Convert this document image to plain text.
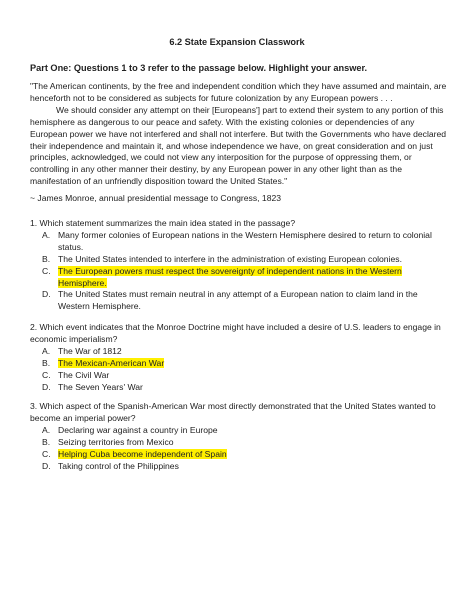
6.2 State Expansion Classwork
Part One: Questions 1 to 3 refer to the passage below. Highlight your answer.

"The American continents, by the free and independent condition which they have assumed and maintain, are henceforth not to be considered as subjects for future colonization by any European powers . . .

We should consider any attempt on their [Europeans'] part to extend their system to any portion of this hemisphere as dangerous to our peace and safety. With the existing colonies or dependencies of any European power we have not interfered and shall not interfere. But twith the Governments who have declared their independence and maintain it, and whose independence we have, on great consideration and on just principles, acknowledged, we could not view any interposition for the purpose of oppressing them, or controlling in any other manner their destiny, by any European power in any other light than as the manifestation of an unfriendly disposition toward the United States."

~ James Monroe, annual presidential message to Congress, 1823

1. Which statement summarizes the main idea stated in the passage?

A. Many former colonies of European nations in the Western Hemisphere desired to return to colonial status.
B. The United States intended to interfere in the administration of existing European colonies.
C. The European powers must respect the sovereignty of independent nations in the Western Hemisphere.
D. The United States must remain neutral in any attempt of a European nation to claim land in the Western Hemisphere.

2. Which event indicates that the Monroe Doctrine might have included a desire of U.S. leaders to engage in economic imperialism?

A. The War of 1812
B. The Mexican-American War
C. The Civil War
D. The Seven Years' War

3. Which aspect of the Spanish-American War most directly demonstrated that the United States wanted to become an imperial power?

A. Declaring war against a country in Europe
B. Seizing territories from Mexico
C. Helping Cuba become independent of Spain
D. Taking control of the Philippines
